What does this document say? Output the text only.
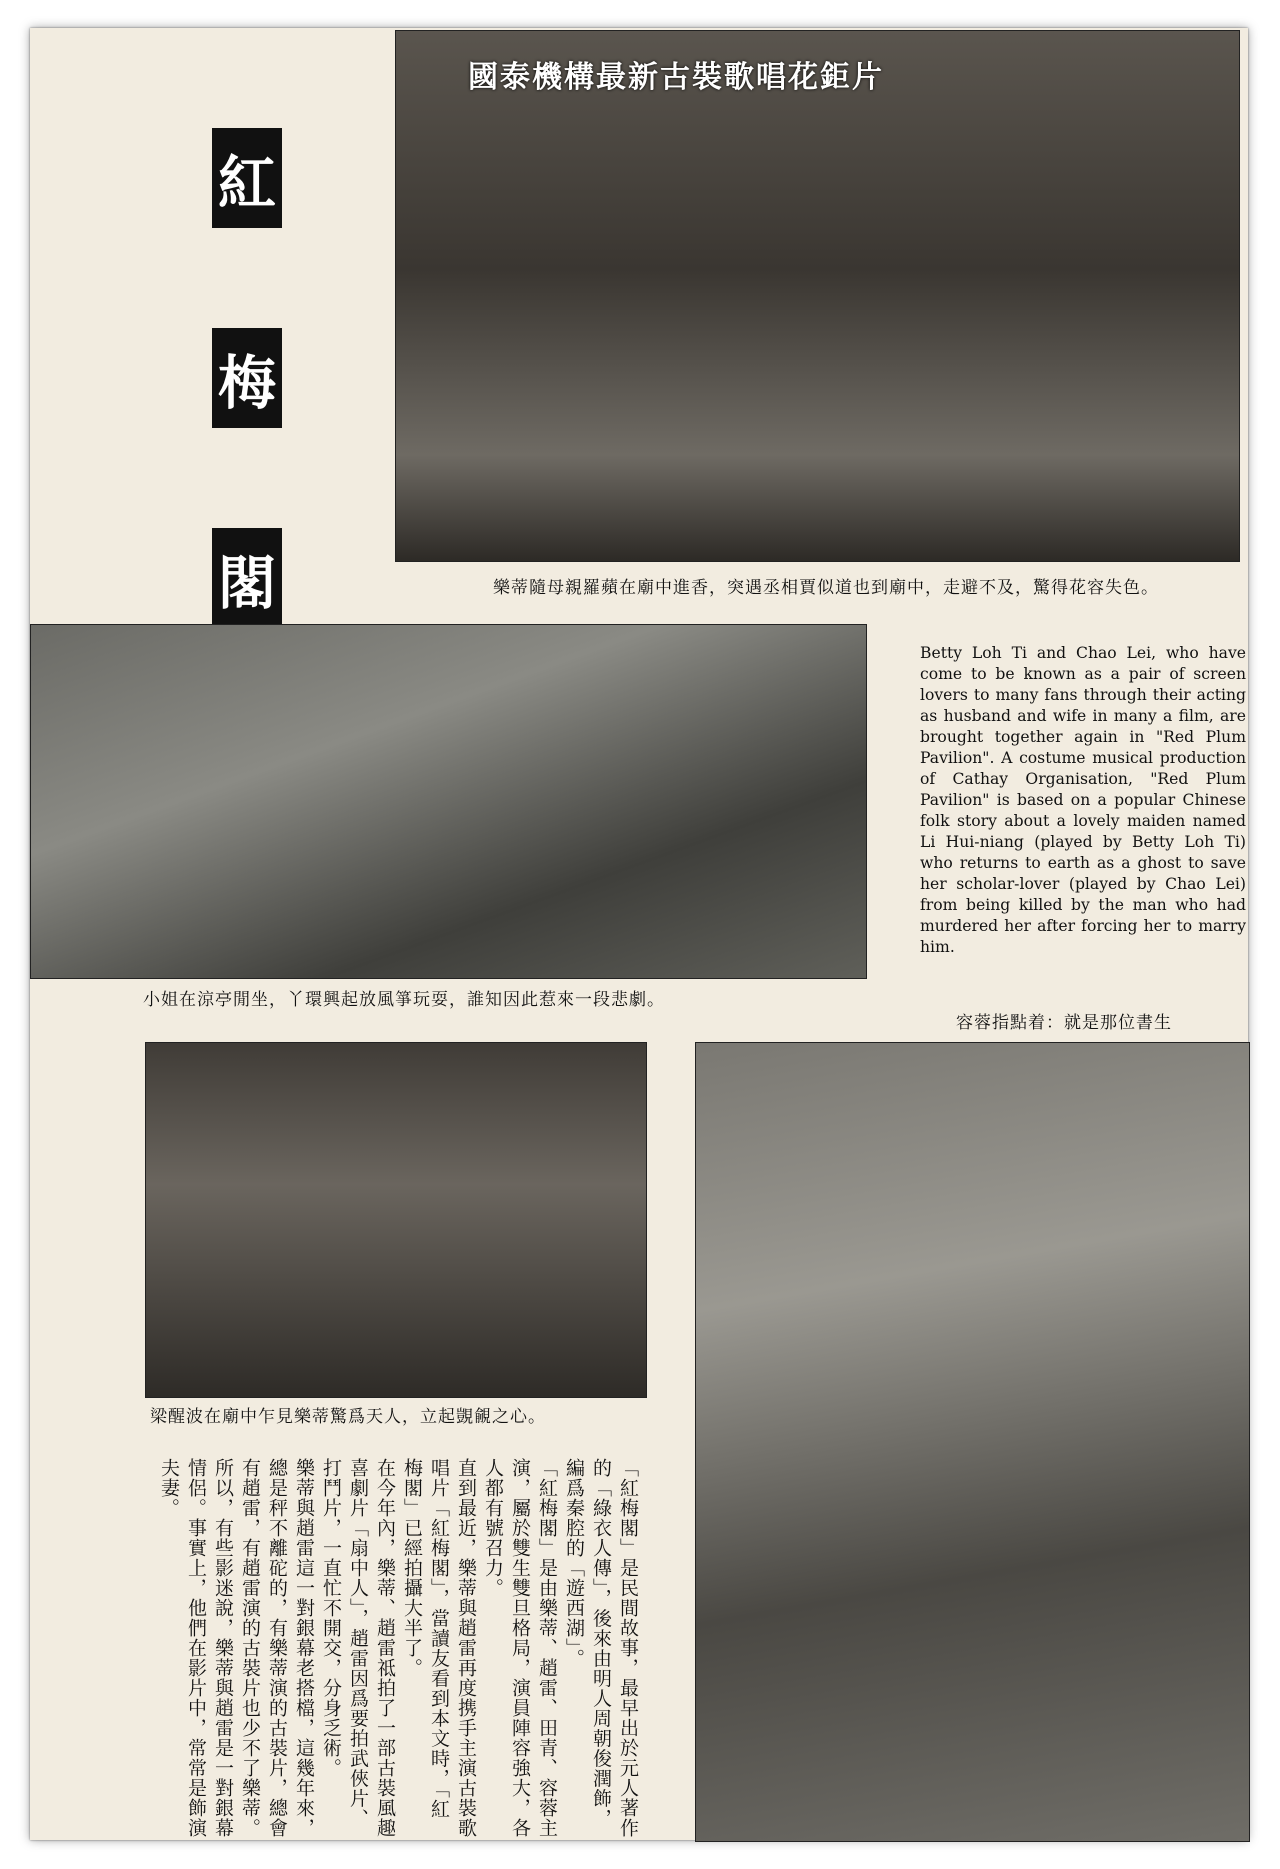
國泰機構最新古裝歌唱花鉅片
紅
梅
閣	樂蒂隨母親羅蘋在廟中進香，突遇丞相賈似道也到廟中，走避不及，驚得花容失色。
Betty Loh Ti and Chao Lei, who have come to be known as a pair of screen lovers to many fans through their acting as husband and wife in many a film, are brought together again in "Red Plum Pavilion". A costume musical production of Cathay Organisation, "Red Plum Pavilion" is based on a popular Chinese folk story about a lovely maiden named Li Hui-niang (played by Betty Loh Ti) who returns to earth as a ghost to save her scholar-lover (played by Chao Lei) from being killed by the man who had murdered her after forcing her to marry him.
小姐在涼亭閒坐，丫環興起放風箏玩耍，誰知因此惹來一段悲劇。
容蓉指點着：就是那位書生
梁醒波在廟中乍見樂蒂驚爲天人，立起覬覦之心。

樂蒂與趙雷這一對銀幕老搭檔，這幾年來，總是秤不離砣的，有樂蒂演的古裝片，總會有趙雷，有趙雷演的古裝片也少不了樂蒂。所以，有些影迷說，樂蒂與趙雷是一對銀幕情侶。事實上，他們在影片中，常常是飾演夫妻。	在今年內，樂蒂、趙雷祗拍了一部古裝風趣喜劇片「扇中人」，趙雷因爲要拍武俠片、打鬥片，一直忙不開交，分身乏術。	直到最近，樂蒂與趙雷再度携手主演古裝歌唱片「紅梅閣」，當讀友看到本文時，「紅梅閣」已經拍攝大半了。	「紅梅閣」是由樂蒂、趙雷、田青、容蓉主演，屬於雙生雙旦格局，演員陣容強大，各人都有號召力。	「紅梅閣」是民間故事，最早出於元人著作的「綠衣人傳」，後來由明人周朝俊潤飾，編爲秦腔的「遊西湖」。
